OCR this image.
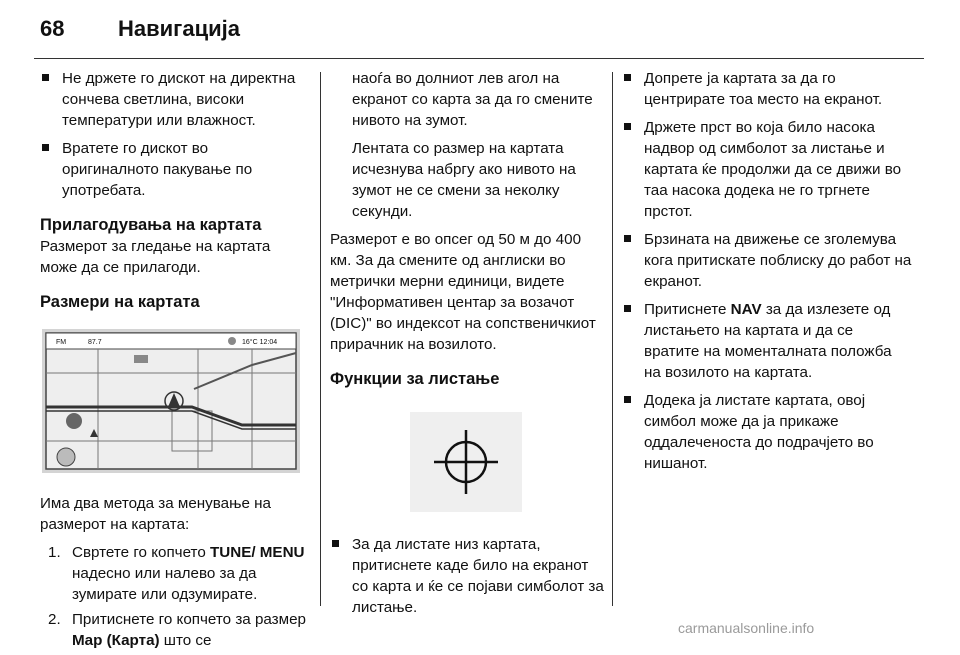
68 Навигација
Не држете го дискот на директна сончева светлина, високи температури или влажност.
Вратете го дискот во оригиналното пакување по употребата.
Прилагодувања на картата
Размерот за гледање на картата може да се прилагоди.
Размери на картата
FM	87.7	16°C 12:04
Има два метода за менување на размерот на картата:
1. Свртете го копчето TUNE/ MENU надесно или налево за да зумирате или одзумирате.
2. Притиснете го копчето за размер Map (Карта) што се
наоѓа во долниот лев агол на екранот со карта за да го смените нивото на зумот.
Лентата со размер на картата исчезнува набргу ако нивото на зумот не се смени за неколку секунди.
Размерот е во опсег од 50 м до 400 км. За да смените од англиски во метрички мерни единици, видете "Информативен центар за возачот (DIC)" во индексот на сопственичкиот прирачник на возилото.
Функции за листање
За да листате низ картата, притиснете каде било на екранот со карта и ќе се појави симболот за листање.
Допрете ја картата за да го центрирате тоа место на екранот.
Држете прст во која било насока надвор од симболот за листање и картата ќе продолжи да се движи во таа насока додека не го тргнете прстот.
Брзината на движење се зголемува кога притискате поблиску до работ на екранот.
Притиснете NAV за да излезете од листањето на картата и да се вратите на моменталната положба на возилото на картата.
Додека ја листате картата, овој симбол може да ја прикаже оддалеченоста до подрачјето во нишанот.
carmanualsonline.info
